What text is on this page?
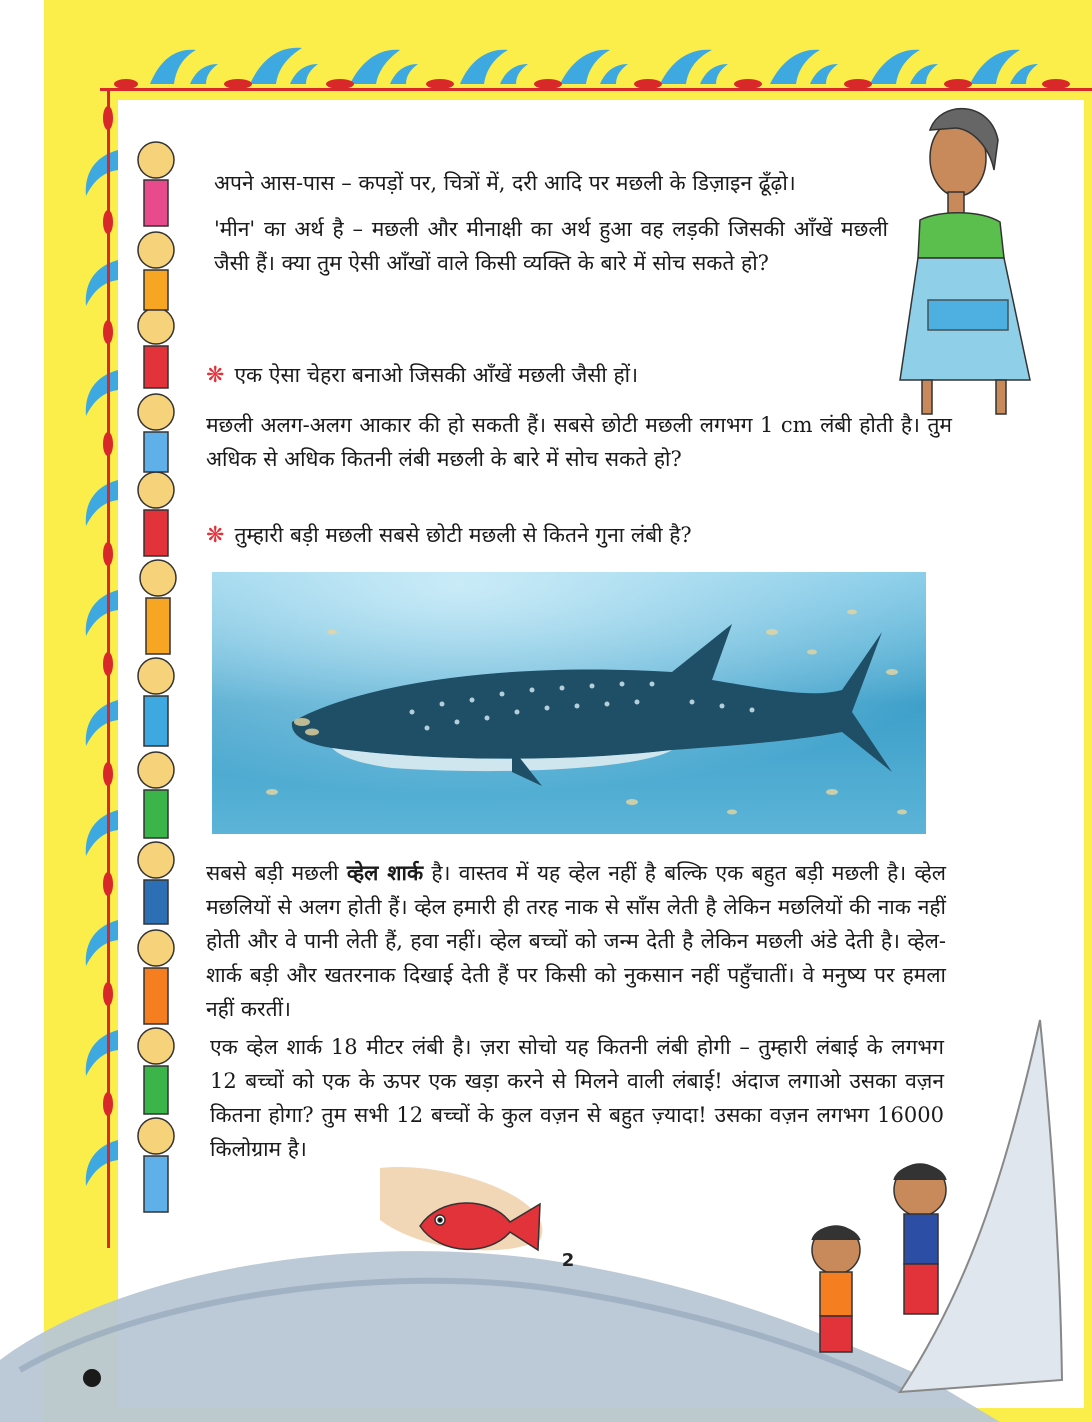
अपने आस-पास – कपड़ों पर, चित्रों में, दरी आदि पर मछली के डिज़ाइन ढूँढ़ो।

'मीन' का अर्थ है – मछली और मीनाक्षी का अर्थ हुआ वह लड़की जिसकी आँखें मछली जैसी हैं। क्या तुम ऐसी आँखों वाले किसी व्यक्ति के बारे में सोच सकते हो?

❋ एक ऐसा चेहरा बनाओ जिसकी आँखें मछली जैसी हों।
मछली अलग-अलग आकार की हो सकती हैं। सबसे छोटी मछली लगभग 1 cm लंबी होती है। तुम अधिक से अधिक कितनी लंबी मछली के बारे में सोच सकते हो?
❋ तुम्हारी बड़ी मछली सबसे छोटी मछली से कितने गुना लंबी है?
सबसे बड़ी मछली व्हेल शार्क है। वास्तव में यह व्हेल नहीं है बल्कि एक बहुत बड़ी मछली है। व्हेल मछलियों से अलग होती हैं। व्हेल हमारी ही तरह नाक से साँस लेती है लेकिन मछलियों की नाक नहीं होती और वे पानी लेती हैं, हवा नहीं। व्हेल बच्चों को जन्म देती है लेकिन मछली अंडे देती है। व्हेल-शार्क बड़ी और खतरनाक दिखाई देती हैं पर किसी को नुकसान नहीं पहुँचातीं। वे मनुष्य पर हमला नहीं करतीं।
एक व्हेल शार्क 18 मीटर लंबी है। ज़रा सोचो यह कितनी लंबी होगी – तुम्हारी लंबाई के लगभग 12 बच्चों को एक के ऊपर एक खड़ा करने से मिलने वाली लंबाई! अंदाज लगाओ उसका वज़न कितना होगा? तुम सभी 12 बच्चों के कुल वज़न से बहुत ज़्यादा! उसका वज़न लगभग 16000 किलोग्राम है।
2
